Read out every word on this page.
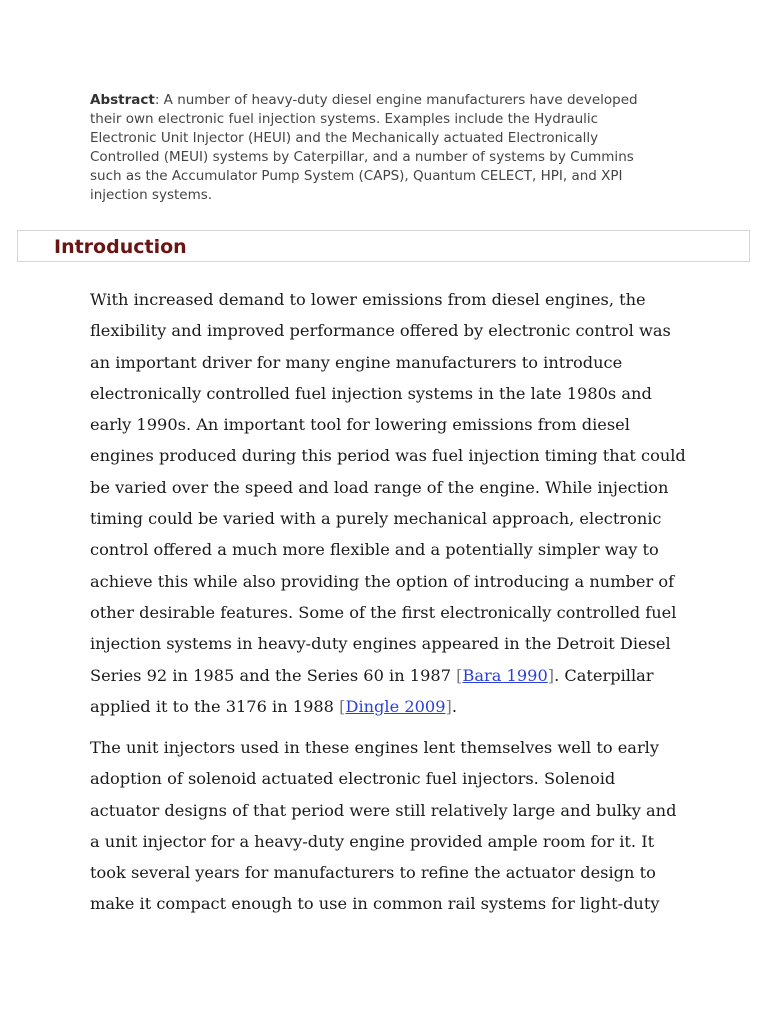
Abstract: A number of heavy-duty diesel engine manufacturers have developed their own electronic fuel injection systems. Examples include the Hydraulic Electronic Unit Injector (HEUI) and the Mechanically actuated Electronically Controlled (MEUI) systems by Caterpillar, and a number of systems by Cummins such as the Accumulator Pump System (CAPS), Quantum CELECT, HPI, and XPI injection systems.

Introduction

With increased demand to lower emissions from diesel engines, the flexibility and improved performance offered by electronic control was an important driver for many engine manufacturers to introduce electronically controlled fuel injection systems in the late 1980s and early 1990s. An important tool for lowering emissions from diesel engines produced during this period was fuel injection timing that could be varied over the speed and load range of the engine. While injection timing could be varied with a purely mechanical approach, electronic control offered a much more flexible and a potentially simpler way to achieve this while also providing the option of introducing a number of other desirable features. Some of the first electronically controlled fuel injection systems in heavy-duty engines appeared in the Detroit Diesel Series 92 in 1985 and the Series 60 in 1987 [Bara 1990]. Caterpillar applied it to the 3176 in 1988 [Dingle 2009].

The unit injectors used in these engines lent themselves well to early adoption of solenoid actuated electronic fuel injectors. Solenoid actuator designs of that period were still relatively large and bulky and a unit injector for a heavy-duty engine provided ample room for it. It took several years for manufacturers to refine the actuator design to make it compact enough to use in common rail systems for light-duty
